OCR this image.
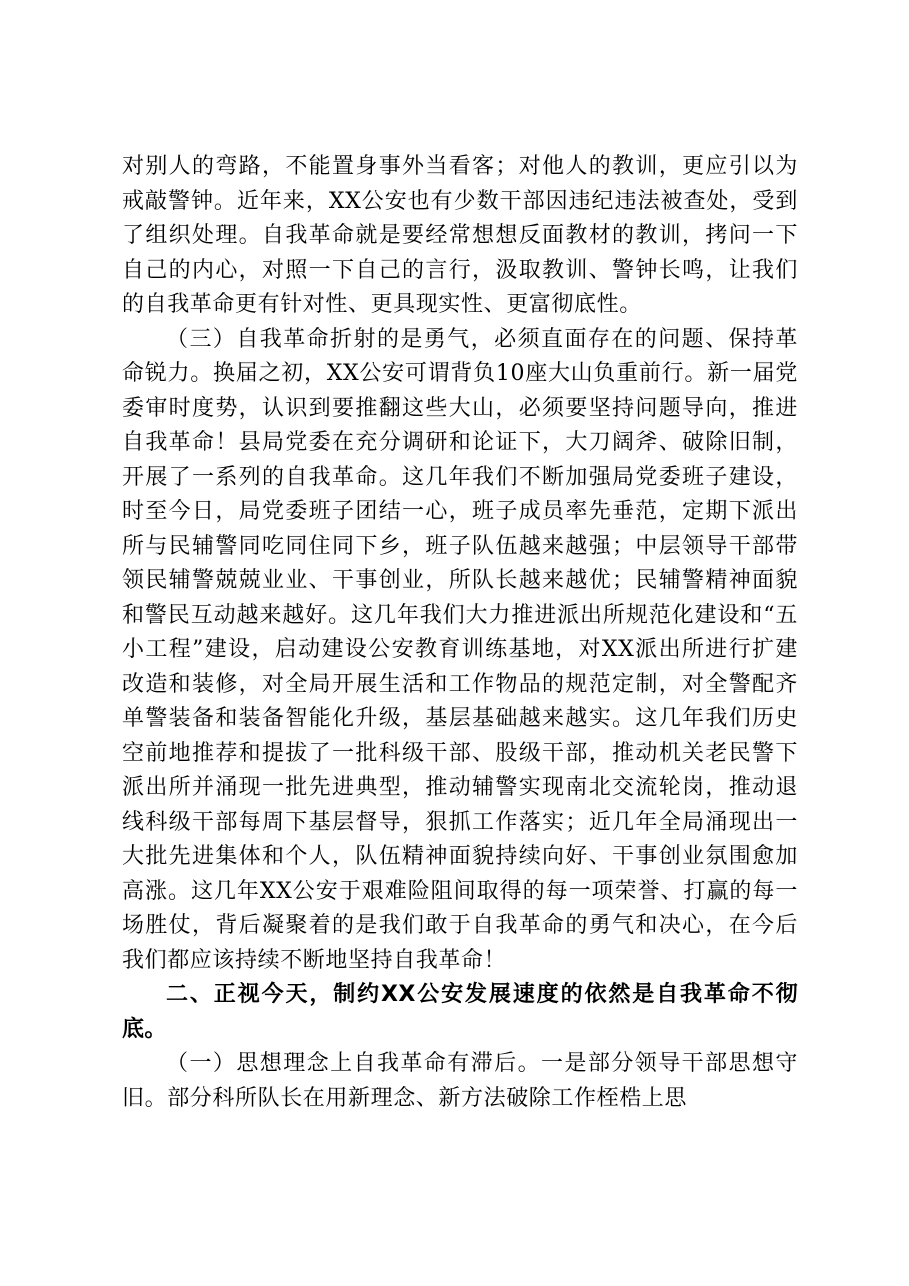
对别人的弯路，不能置身事外当看客；对他人的教训，更应引以为戒敲警钟。近年来，XX公安也有少数干部因违纪违法被查处，受到了组织处理。自我革命就是要经常想想反面教材的教训，拷问一下自己的内心，对照一下自己的言行，汲取教训、警钟长鸣，让我们的自我革命更有针对性、更具现实性、更富彻底性。

（三）自我革命折射的是勇气，必须直面存在的问题、保持革命锐力。换届之初，XX公安可谓背负10座大山负重前行。新一届党委审时度势，认识到要推翻这些大山，必须要坚持问题导向，推进自我革命！县局党委在充分调研和论证下，大刀阔斧、破除旧制，开展了一系列的自我革命。这几年我们不断加强局党委班子建设，时至今日，局党委班子团结一心，班子成员率先垂范，定期下派出所与民辅警同吃同住同下乡，班子队伍越来越强；中层领导干部带领民辅警兢兢业业、干事创业，所队长越来越优；民辅警精神面貌和警民互动越来越好。这几年我们大力推进派出所规范化建设和“五小工程”建设，启动建设公安教育训练基地，对XX派出所进行扩建改造和装修，对全局开展生活和工作物品的规范定制，对全警配齐单警装备和装备智能化升级，基层基础越来越实。这几年我们历史空前地推荐和提拔了一批科级干部、股级干部，推动机关老民警下派出所并涌现一批先进典型，推动辅警实现南北交流轮岗，推动退线科级干部每周下基层督导，狠抓工作落实；近几年全局涌现出一大批先进集体和个人，队伍精神面貌持续向好、干事创业氛围愈加高涨。这几年XX公安于艰难险阻间取得的每一项荣誉、打赢的每一场胜仗，背后凝聚着的是我们敢于自我革命的勇气和决心，在今后我们都应该持续不断地坚持自我革命！

二、正视今天，制约XX公安发展速度的依然是自我革命不彻底。

（一）思想理念上自我革命有滞后。一是部分领导干部思想守旧。部分科所队长在用新理念、新方法破除工作桎梏上思
